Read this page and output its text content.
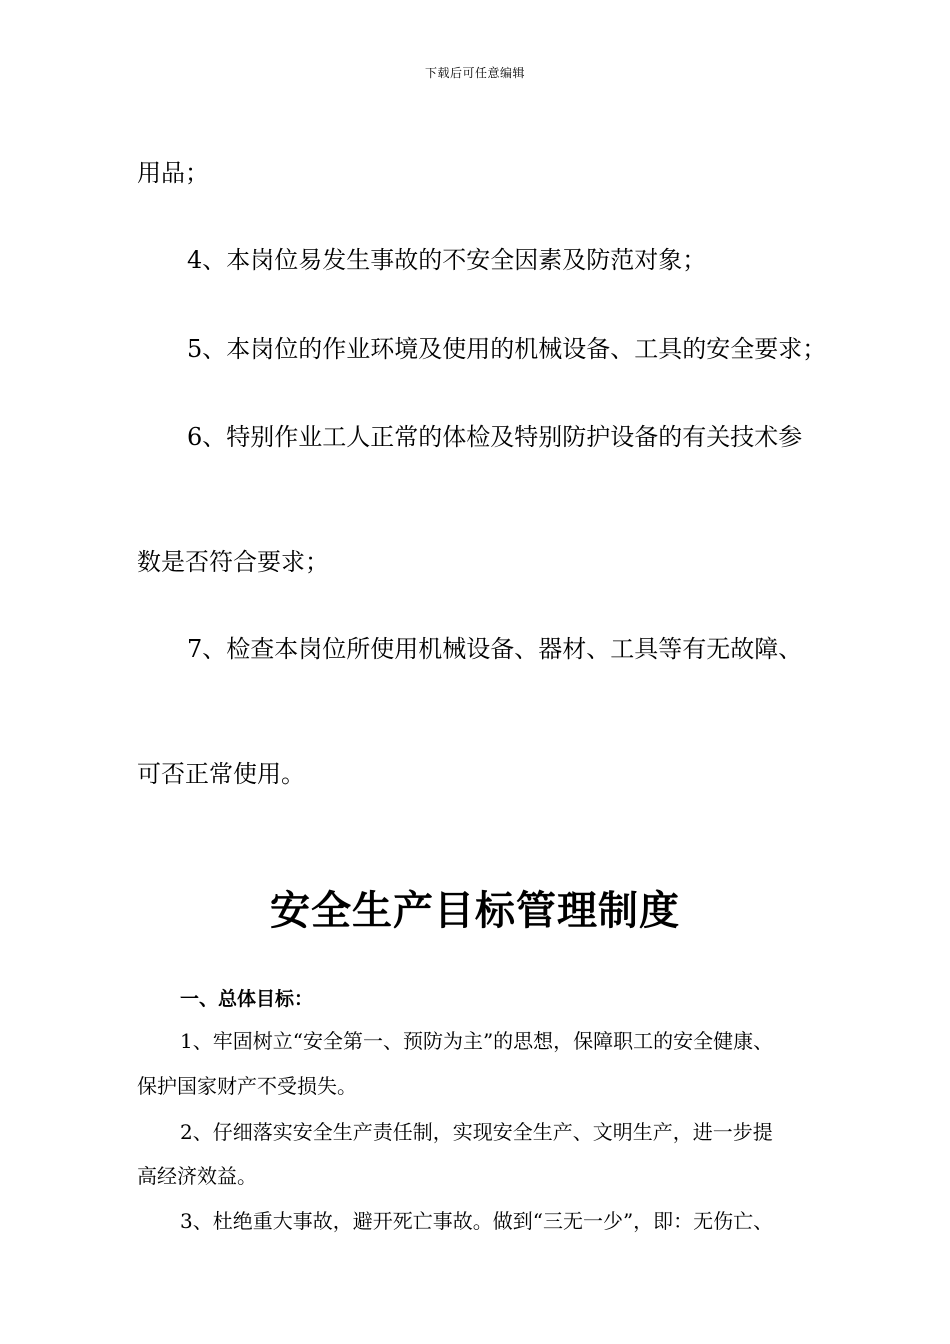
下载后可任意编辑
用品；
4、本岗位易发生事故的不安全因素及防范对象；
5、本岗位的作业环境及使用的机械设备、工具的安全要求；
6、特别作业工人正常的体检及特别防护设备的有关技术参
数是否符合要求；
7、检查本岗位所使用机械设备、器材、工具等有无故障、
可否正常使用。
安全生产目标管理制度
一、总体目标：
1、牢固树立“安全第一、预防为主”的思想，保障职工的安全健康、
保护国家财产不受损失。
2、仔细落实安全生产责任制，实现安全生产、文明生产，进一步提
高经济效益。
3、杜绝重大事故，避开死亡事故。做到“三无一少”，即：无伤亡、
